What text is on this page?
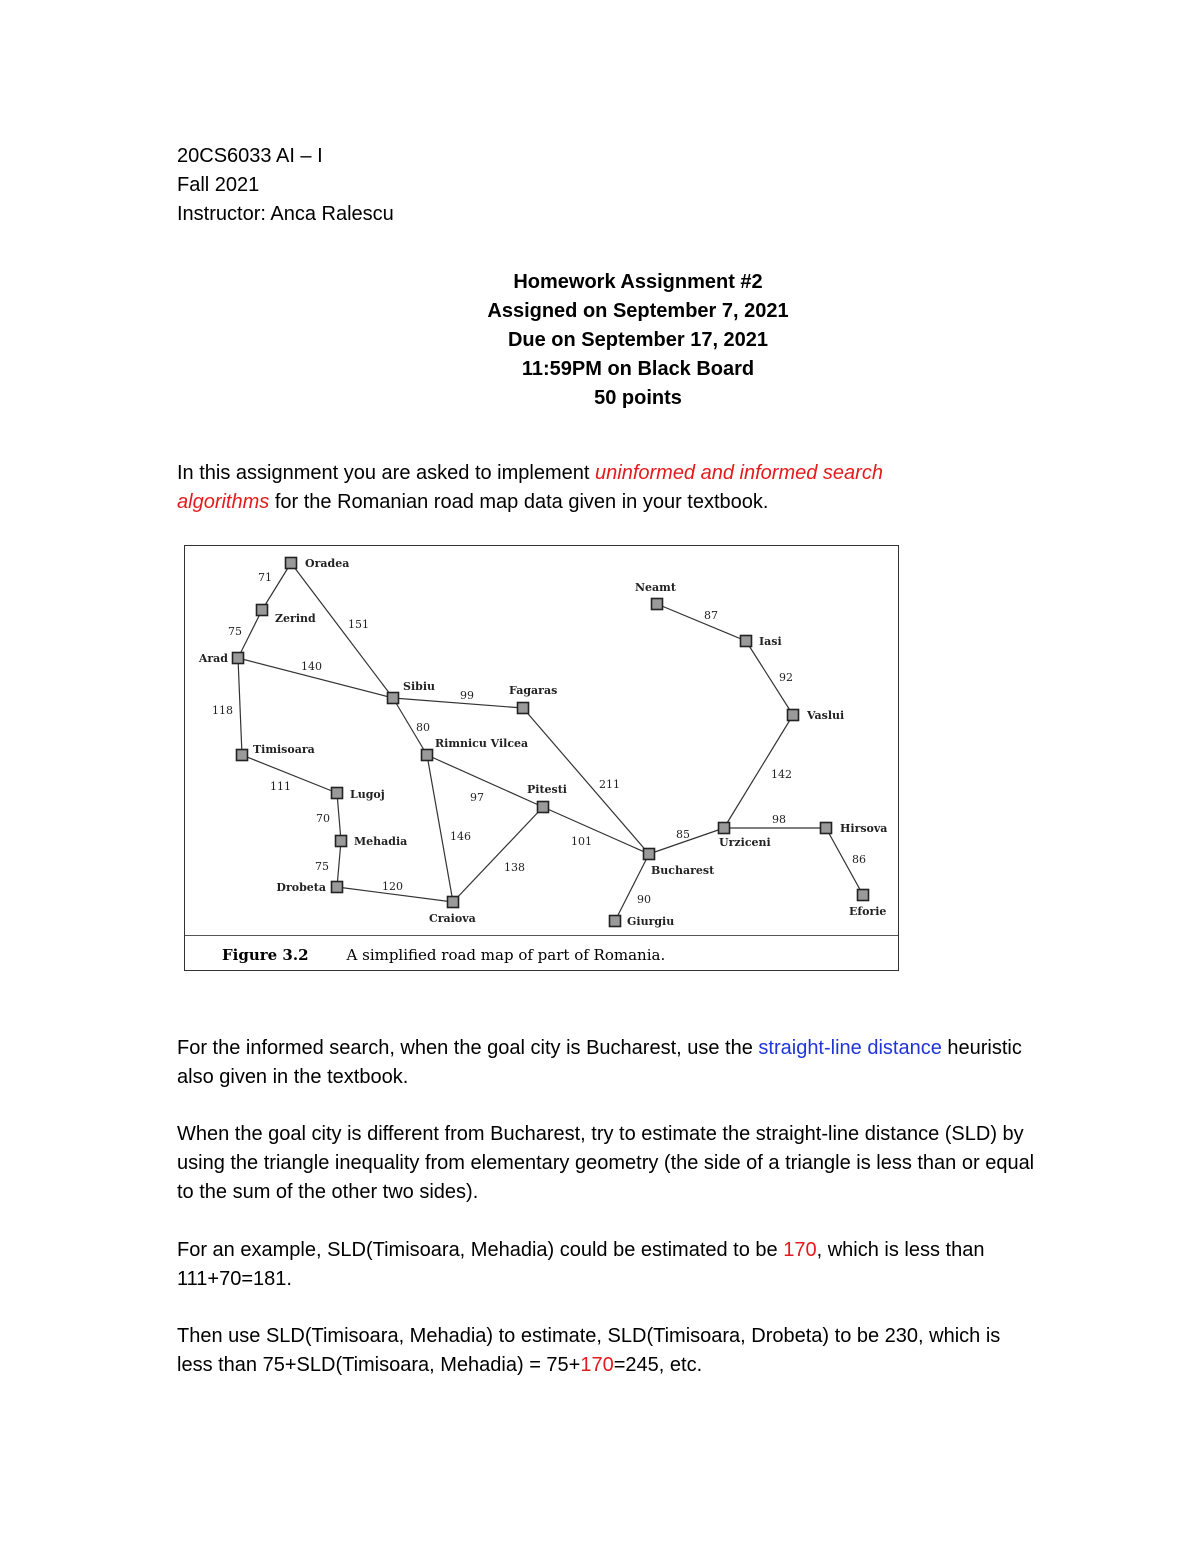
20CS6033 AI – I
Fall 2021
Instructor: Anca Ralescu
Homework Assignment #2
Assigned on September 7, 2021
Due on September 17, 2021
11:59PM on Black Board
50 points
In this assignment you are asked to implement uninformed and informed search algorithms for the Romanian road map data given in your textbook.
71
151
75
140
118
111
70
75
120
99
80
97
146
138
101
211
90
85
98
86
142
92
87
Oradea
Zerind
Arad
Timisoara
Lugoj
Mehadia
Drobeta
Craiova
Sibiu
Rimnicu Vilcea
Fagaras
Pitesti
Bucharest
Giurgiu
Urziceni
Hirsova
Eforie
Vaslui
Iasi
Neamt
Figure 3.2	A simplified road map of part of Romania.
For the informed search, when the goal city is Bucharest, use the straight-line distance heuristic also given in the textbook.
When the goal city is different from Bucharest, try to estimate the straight-line distance (SLD) by using the triangle inequality from elementary geometry (the side of a triangle is less than or equal to the sum of the other two sides).
For an example, SLD(Timisoara, Mehadia) could be estimated to be 170, which is less than 111+70=181.
Then use SLD(Timisoara, Mehadia) to estimate, SLD(Timisoara, Drobeta) to be 230, which is less than 75+SLD(Timisoara, Mehadia) = 75+170=245, etc.
